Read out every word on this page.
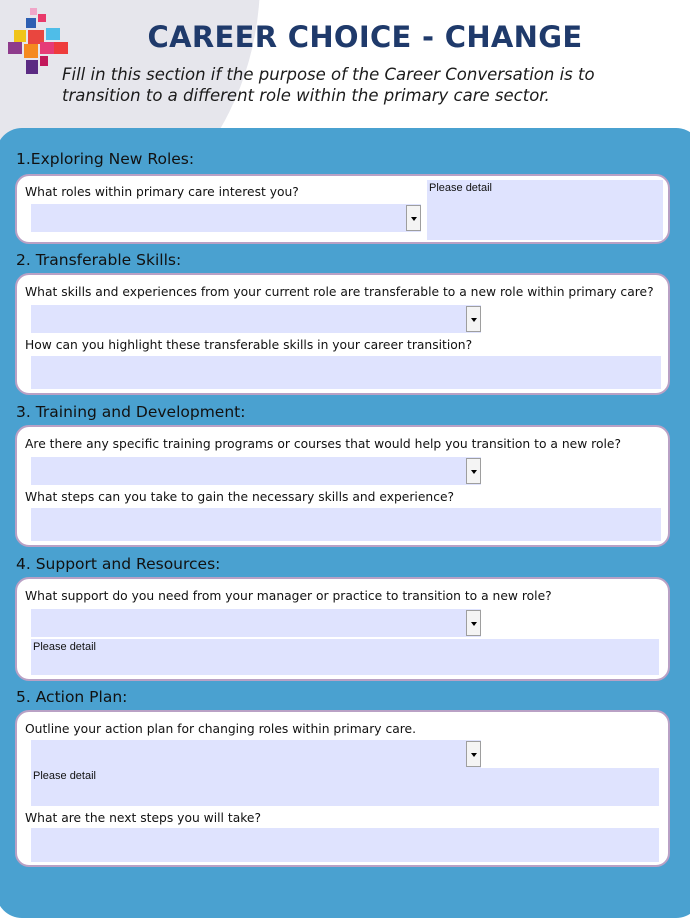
CAREER CHOICE - CHANGE
Fill in this section if the purpose of the Career Conversation is to transition to a different role within the primary care sector.
1.Exploring New Roles:
What roles within primary care interest you?	Please detail
2. Transferable Skills:
What skills and experiences from your current role are transferable to a new role within primary care?
How can you highlight these transferable skills in your career transition?
3. Training and Development:
Are there any specific training programs or courses that would help you transition to a new role?
What steps can you take to gain the necessary skills and experience?
4. Support and Resources:
What support do you need from your manager or practice to transition to a new role?
Please detail
5. Action Plan:
Outline your action plan for changing roles within primary care.
Please detail
What are the next steps you will take?
